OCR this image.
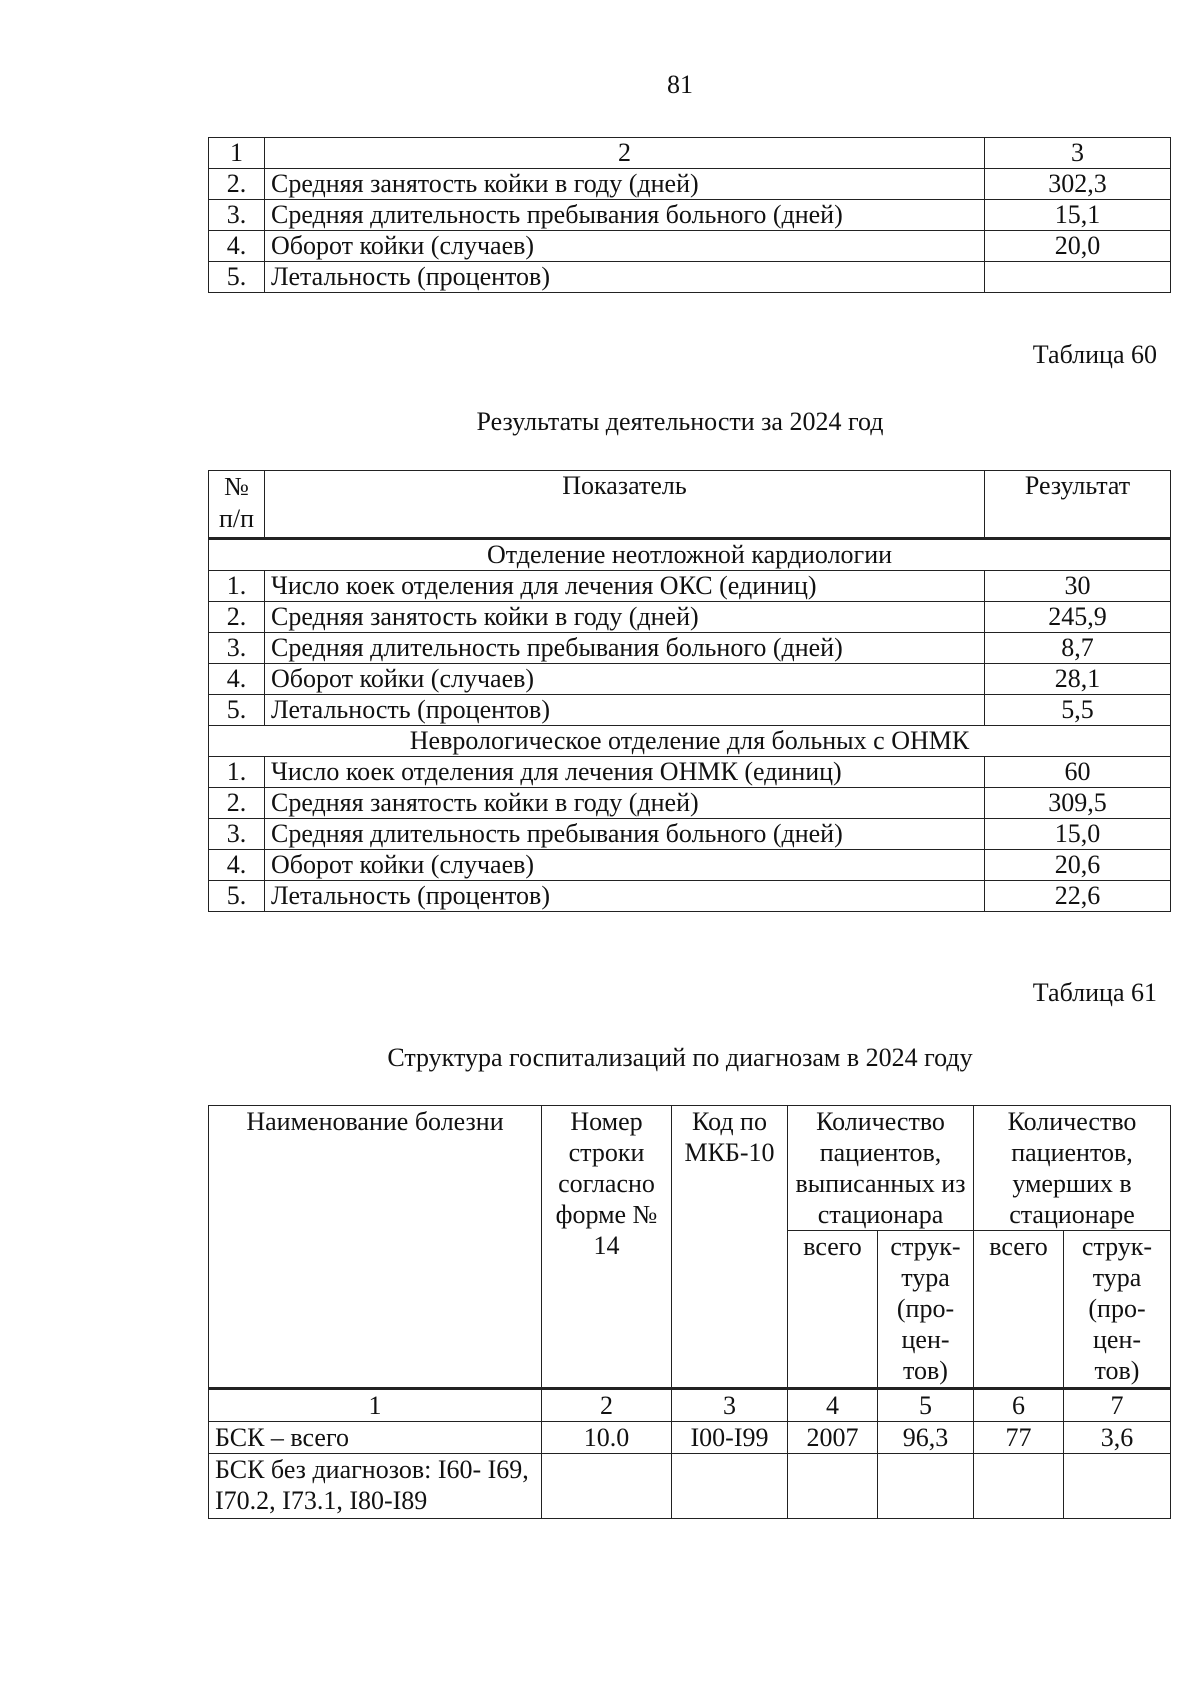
81
1	2	3
2.	Средняя занятость койки в году (дней)	302,3
3.	Средняя длительность пребывания больного (дней)	15,1
4.	Оборот койки (случаев)	20,0
5.	Летальность (процентов)	
Таблица 60
Результаты деятельности за 2024 год
№ п/п	Показатель	Результат
Отделение неотложной кардиологии		
1.	Число коек отделения для лечения ОКС (единиц)	30
2.	Средняя занятость койки в году (дней)	245,9
3.	Средняя длительность пребывания больного (дней)	8,7
4.	Оборот койки (случаев)	28,1
5.	Летальность (процентов)	5,5
Неврологическое отделение для больных с ОНМК		
1.	Число коек отделения для лечения ОНМК (единиц)	60
2.	Средняя занятость койки в году (дней)	309,5
3.	Средняя длительность пребывания больного (дней)	15,0
4.	Оборот койки (случаев)	20,6
5.	Летальность (процентов)	22,6
Таблица 61
Структура госпитализаций по диагнозам в 2024 году
Наименование болезни	Номер строки согласно форме № 14	Код по МКБ-10	Количество пациентов, выписанных из стационара		Количество пациентов, умерших в стационаре	
			всего	струк- тура (про- цен- тов)	всего	струк- тура (про- цен- тов)
1	2	3	4	5	6	7
БСК – всего	10.0	I00-I99	2007	96,3	77	3,6
БСК без диагнозов: I60- I69, I70.2, I73.1, I80-I89						
